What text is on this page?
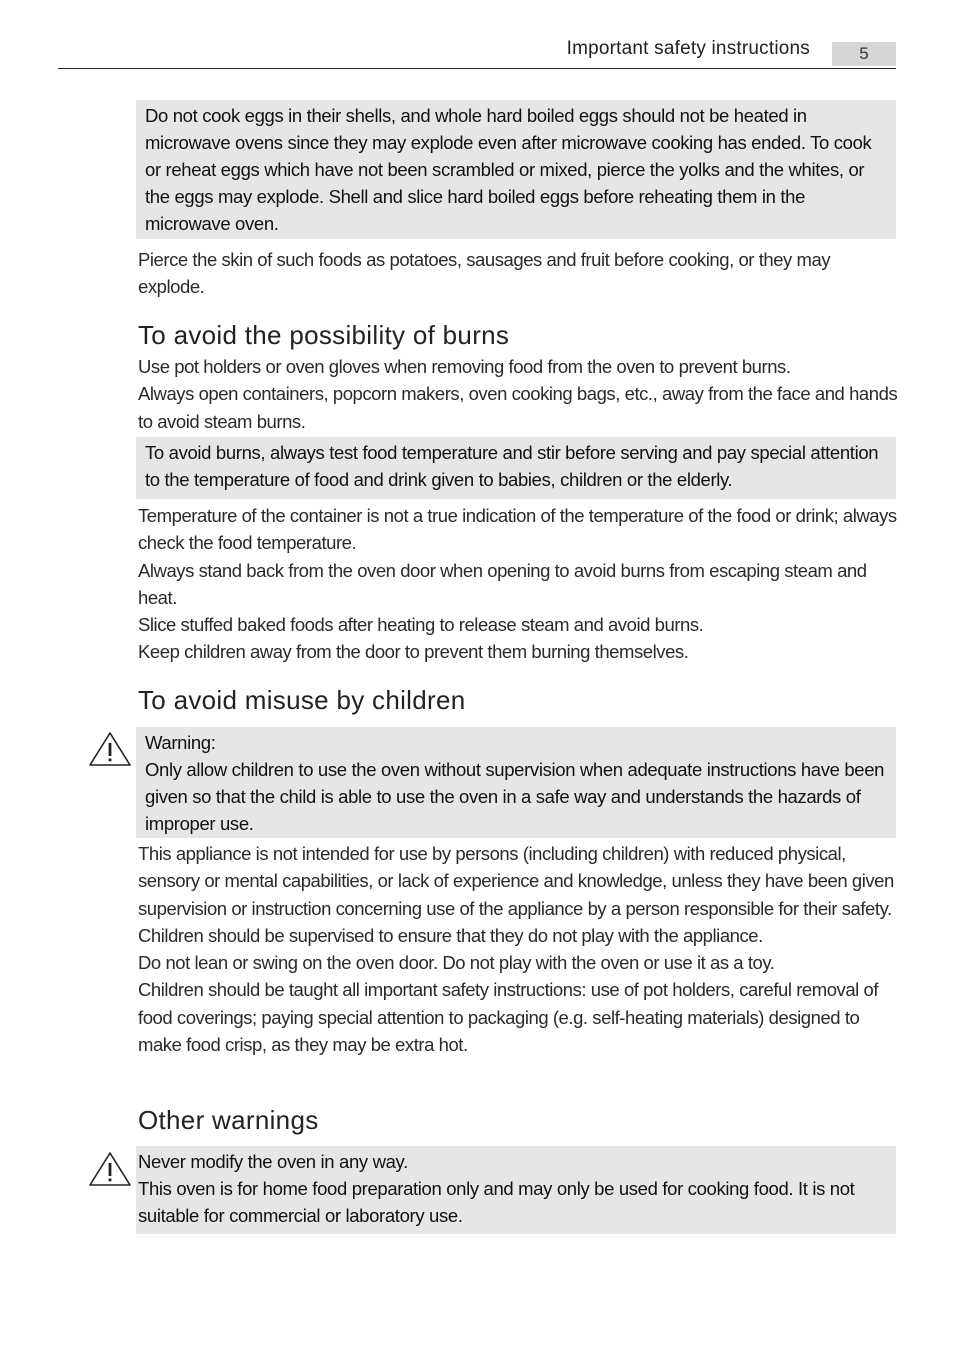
Important safety instructions	5

Do not cook eggs in their shells, and whole hard boiled eggs should not be heated in microwave ovens since they may explode even after microwave cooking has ended. To cook or reheat eggs which have not been scrambled or mixed, pierce the yolks and the whites, or the eggs may explode. Shell and slice hard boiled eggs before reheating them in the microwave oven.

Pierce the skin of such foods as potatoes, sausages and fruit before cooking, or they may explode.

To avoid the possibility of burns

Use pot holders or oven gloves when removing food from the oven to prevent burns.

Always open containers, popcorn makers, oven cooking bags, etc., away from the face and hands to avoid steam burns.

To avoid burns, always test food temperature and stir before serving and pay special attention to the temperature of food and drink given to babies, children or the elderly.

Temperature of the container is not a true indication of the temperature of the food or drink; always check the food temperature.

Always stand back from the oven door when opening to avoid burns from escaping steam and heat.

Slice stuffed baked foods after heating to release steam and avoid burns.

Keep children away from the door to prevent them burning themselves.

To avoid misuse by children

Warning:

Only allow children to use the oven without supervision when adequate instructions have been given so that the child is able to use the oven in a safe way and understands the hazards of improper use.

This appliance is not intended for use by persons (including children) with reduced physical, sensory or mental capabilities, or lack of experience and knowledge, unless they have been given supervision or instruction concerning use of the appliance by a person responsible for their safety.

Children should be supervised to ensure that they do not play with the appliance.

Do not lean or swing on the oven door. Do not play with the oven or use it as a toy.

Children should be taught all important safety instructions: use of pot holders, careful removal of food coverings; paying special attention to packaging (e.g. self-heating materials) designed to make food crisp, as they may be extra hot.

Other warnings

Never modify the oven in any way.

This oven is for home food preparation only and may only be used for cooking food. It is not suitable for commercial or laboratory use.
